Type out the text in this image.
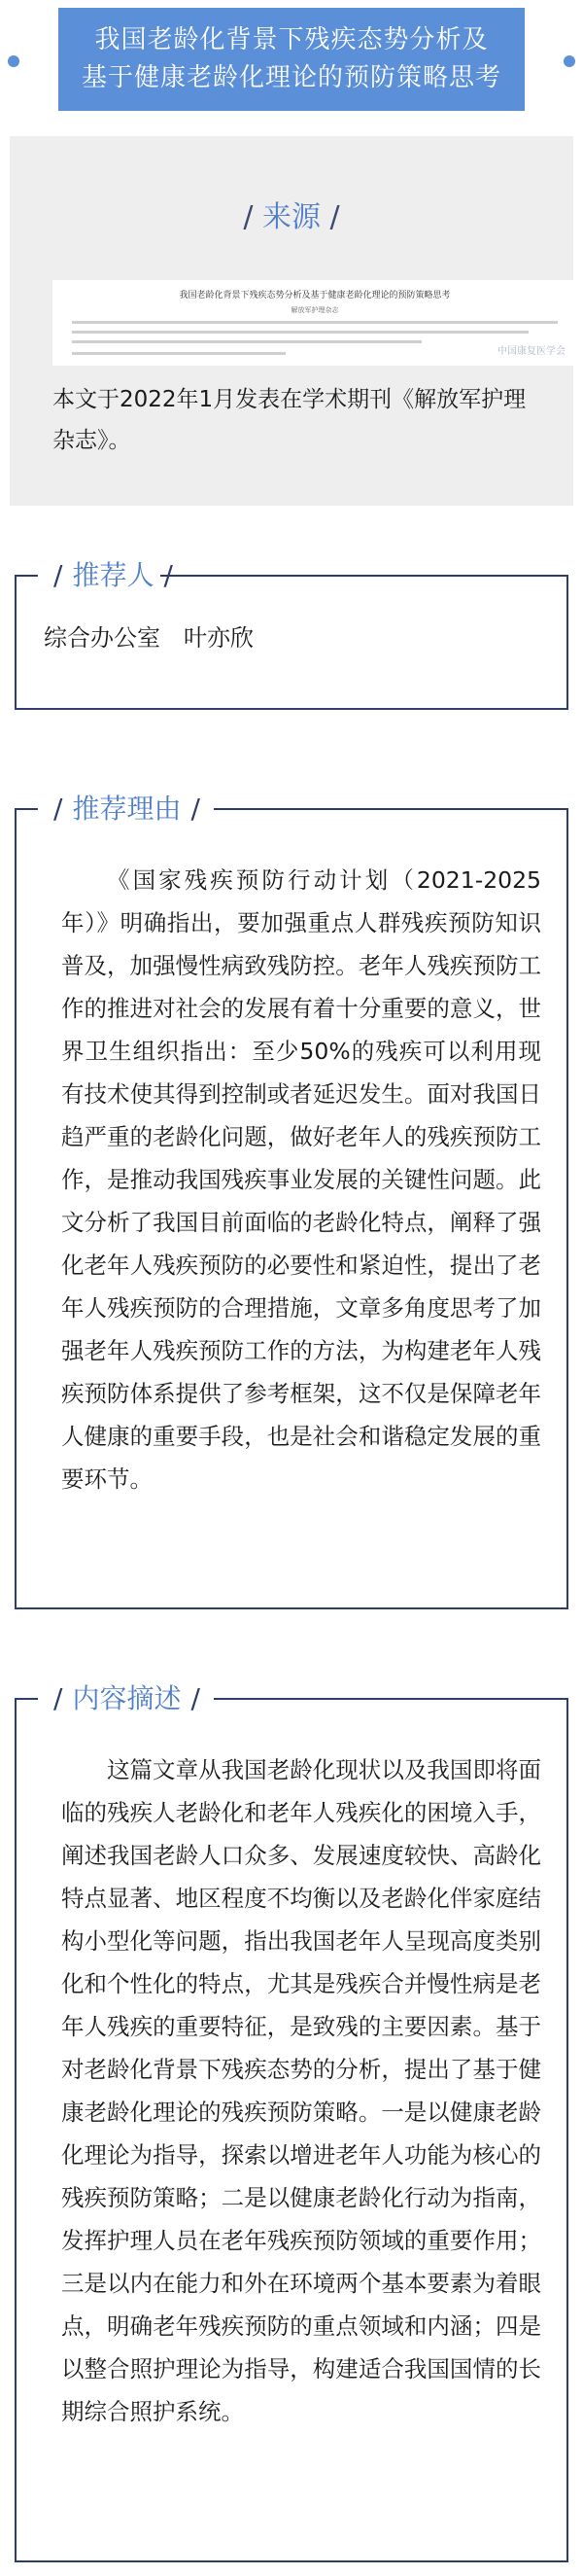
我国老龄化背景下残疾态势分析及
基于健康老龄化理论的预防策略思考
/ 来源 /
我国老龄化背景下残疾态势分析及基于健康老龄化理论的预防策略思考
解放军护理杂志
中国康复医学会
本文于2022年1月发表在学术期刊《解放军护理杂志》。
/ 推荐人 /
综合办公室　叶亦欣
/ 推荐理由 /
《国家残疾预防行动计划（2021-2025年）》明确指出，要加强重点人群残疾预防知识普及，加强慢性病致残防控。老年人残疾预防工作的推进对社会的发展有着十分重要的意义，世界卫生组织指出：至少50%的残疾可以利用现有技术使其得到控制或者延迟发生。面对我国日趋严重的老龄化问题，做好老年人的残疾预防工作，是推动我国残疾事业发展的关键性问题。此文分析了我国目前面临的老龄化特点，阐释了强化老年人残疾预防的必要性和紧迫性，提出了老年人残疾预防的合理措施，文章多角度思考了加强老年人残疾预防工作的方法，为构建老年人残疾预防体系提供了参考框架，这不仅是保障老年人健康的重要手段，也是社会和谐稳定发展的重要环节。
/ 内容摘述 /
这篇文章从我国老龄化现状以及我国即将面临的残疾人老龄化和老年人残疾化的困境入手，阐述我国老龄人口众多、发展速度较快、高龄化特点显著、地区程度不均衡以及老龄化伴家庭结构小型化等问题，指出我国老年人呈现高度类别化和个性化的特点，尤其是残疾合并慢性病是老年人残疾的重要特征，是致残的主要因素。基于对老龄化背景下残疾态势的分析，提出了基于健康老龄化理论的残疾预防策略。一是以健康老龄化理论为指导，探索以增进老年人功能为核心的残疾预防策略；二是以健康老龄化行动为指南，发挥护理人员在老年残疾预防领域的重要作用；三是以内在能力和外在环境两个基本要素为着眼点，明确老年残疾预防的重点领域和内涵；四是以整合照护理论为指导，构建适合我国国情的长期综合照护系统。
